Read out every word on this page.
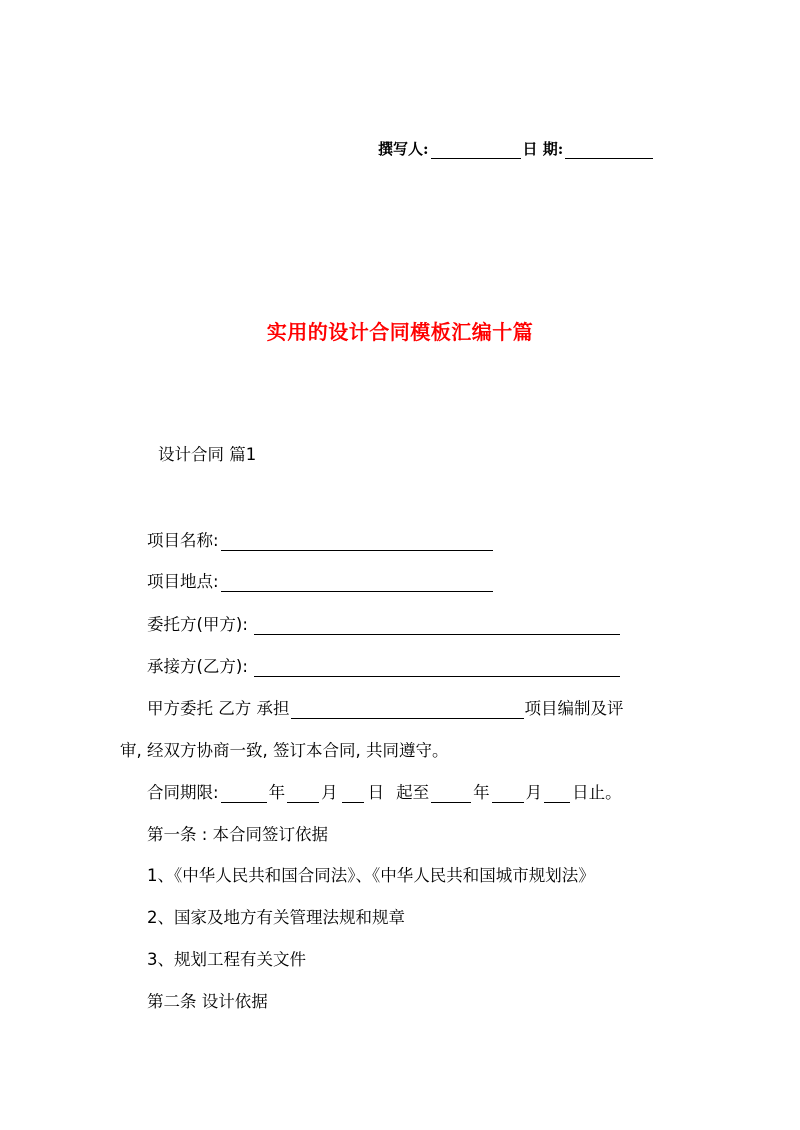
撰写人:	日 期:
实用的设计合同模板汇编十篇
设计合同 篇1
项目名称:
项目地点:
委托方(甲方):
承接方(乙方):
甲方委托 乙方 承担	项目编制及评
审, 经双方协商一致, 签订本合同, 共同遵守。
合同期限:	年 月 日 起至	年 月 日止。
第一条 : 本合同签订依据
1、《中华人民共和国合同法》、《中华人民共和国城市规划法》
2、国家及地方有关管理法规和规章
3、规划工程有关文件
第二条 设计依据
